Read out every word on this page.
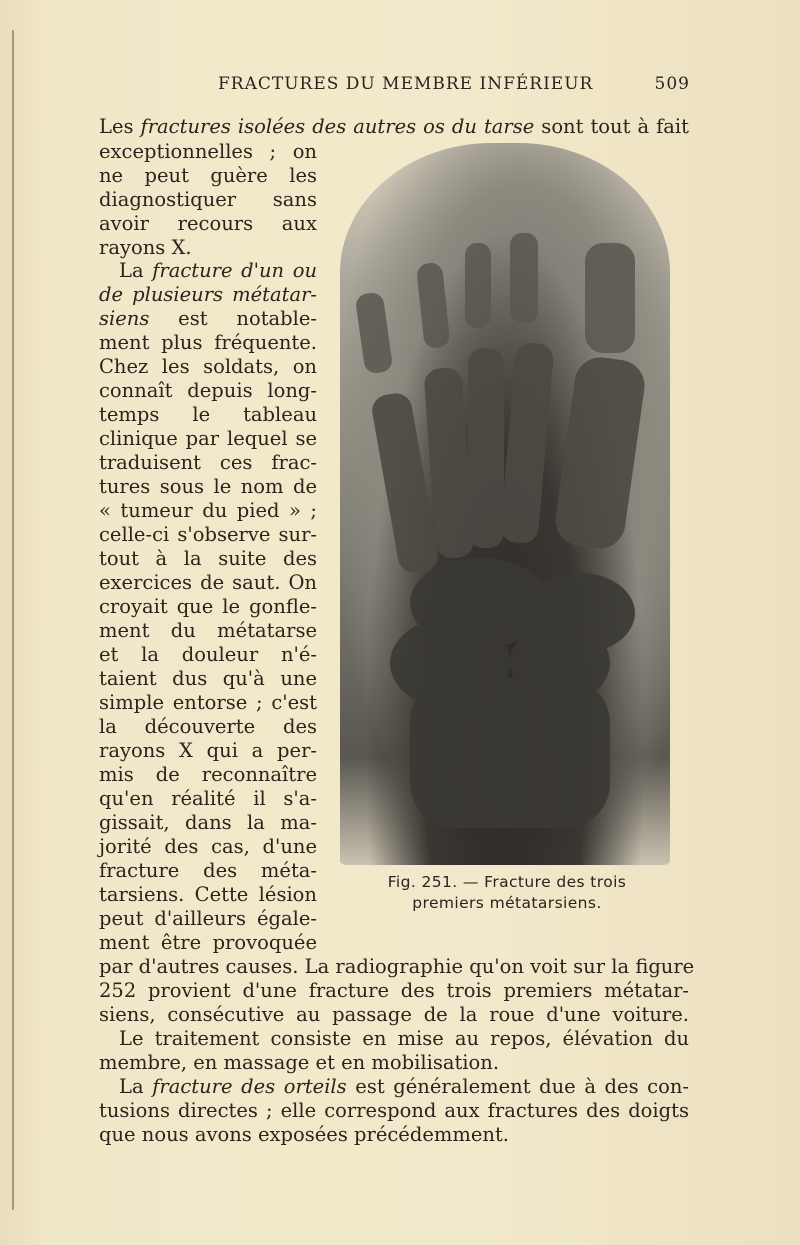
FRACTURES DU MEMBRE INFÉRIEUR	509
Fig. 251. — Fracture des trois
premiers métatarsiens.
Les fractures isolées des autres os du tarse sont tout à fait
exceptionnelles ; on
ne peut guère les
diagnostiquer sans
avoir recours aux
rayons X.
La fracture d'un ou
de plusieurs métatar-
siens est notable-
ment plus fréquente.
Chez les soldats, on
connaît depuis long-
temps le tableau
clinique par lequel se
traduisent ces frac-
tures sous le nom de
« tumeur du pied » ;
celle-ci s'observe sur-
tout à la suite des
exercices de saut. On
croyait que le gonfle-
ment du métatarse
et la douleur n'é-
taient dus qu'à une
simple entorse ; c'est
la découverte des
rayons X qui a per-
mis de reconnaître
qu'en réalité il s'a-
gissait, dans la ma-
jorité des cas, d'une
fracture des méta-
tarsiens. Cette lésion
peut d'ailleurs égale-
ment être provoquée
par d'autres causes. La radiographie qu'on voit sur la figure
252 provient d'une fracture des trois premiers métatar-
siens, consécutive au passage de la roue d'une voiture.
Le traitement consiste en mise au repos, élévation du
membre, en massage et en mobilisation.
La fracture des orteils est généralement due à des con-
tusions directes ; elle correspond aux fractures des doigts
que nous avons exposées précédemment.
